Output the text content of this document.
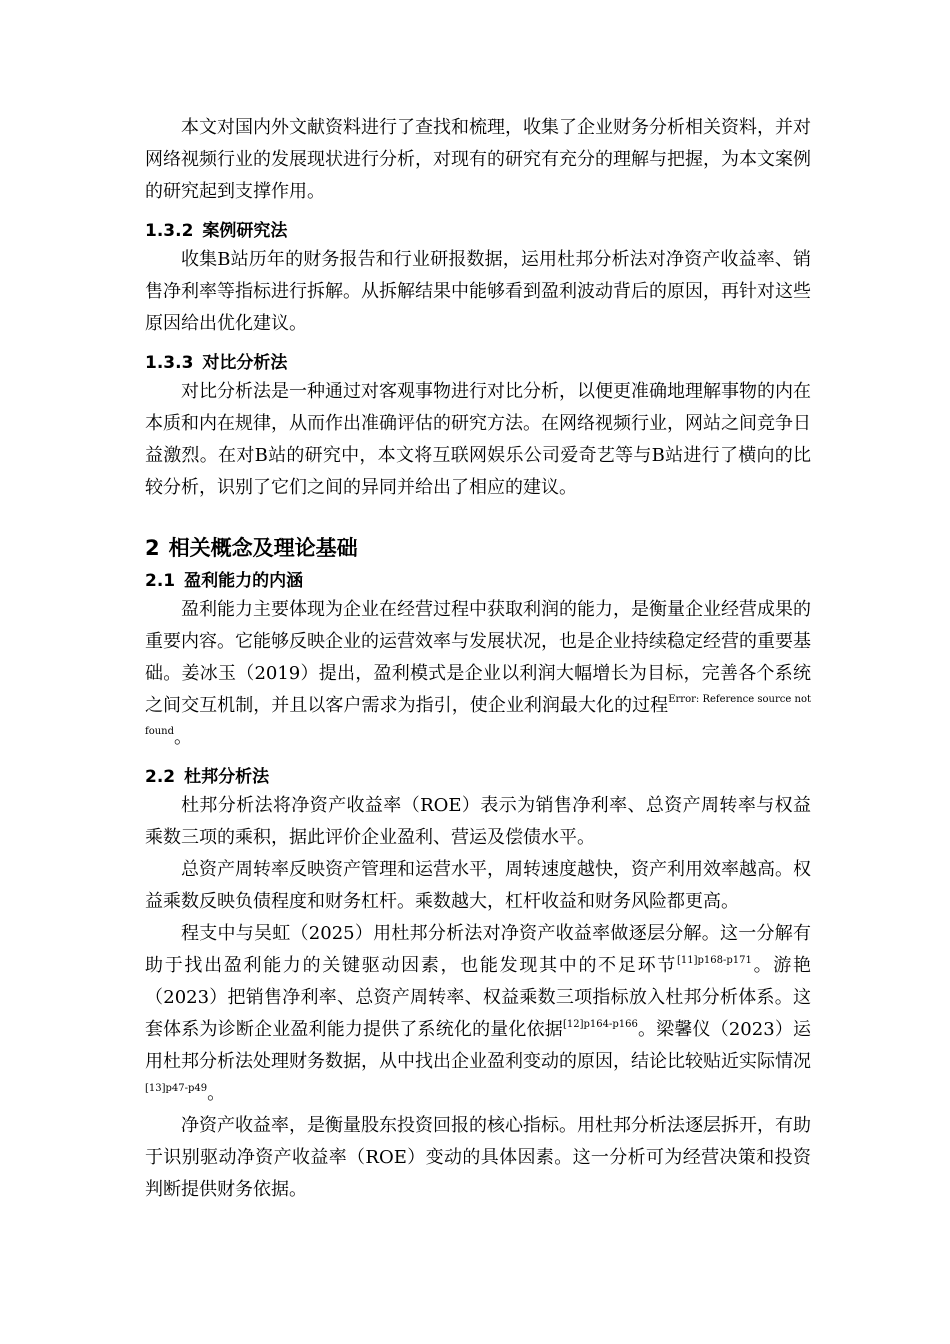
本文对国内外文献资料进行了查找和梳理，收集了企业财务分析相关资料，并对网络视频行业的发展现状进行分析，对现有的研究有充分的理解与把握，为本文案例的研究起到支撑作用。

1.3.2 案例研究法

收集B站历年的财务报告和行业研报数据，运用杜邦分析法对净资产收益率、销售净利率等指标进行拆解。从拆解结果中能够看到盈利波动背后的原因，再针对这些原因给出优化建议。

1.3.3 对比分析法

对比分析法是一种通过对客观事物进行对比分析，以便更准确地理解事物的内在本质和内在规律，从而作出准确评估的研究方法。在网络视频行业，网站之间竞争日益激烈。在对B站的研究中，本文将互联网娱乐公司爱奇艺等与B站进行了横向的比较分析，识别了它们之间的异同并给出了相应的建议。

2 相关概念及理论基础
2.1 盈利能力的内涵

盈利能力主要体现为企业在经营过程中获取利润的能力，是衡量企业经营成果的重要内容。它能够反映企业的运营效率与发展状况，也是企业持续稳定经营的重要基础。姜冰玉（2019）提出，盈利模式是企业以利润大幅增长为目标，完善各个系统之间交互机制，并且以客户需求为指引，使企业利润最大化的过程$^{Error: Reference source not found}$。

2.2 杜邦分析法

杜邦分析法将净资产收益率（ROE）表示为销售净利率、总资产周转率与权益乘数三项的乘积，据此评价企业盈利、营运及偿债水平。

总资产周转率反映资产管理和运营水平，周转速度越快，资产利用效率越高。权益乘数反映负债程度和财务杠杆。乘数越大，杠杆收益和财务风险都更高。

程支中与吴虹（2025）用杜邦分析法对净资产收益率做逐层分解。这一分解有助于找出盈利能力的关键驱动因素，也能发现其中的不足环节$^{[11]p168-p171}$。游艳（2023）把销售净利率、总资产周转率、权益乘数三项指标放入杜邦分析体系。这套体系为诊断企业盈利能力提供了系统化的量化依据$^{[12]p164-p166}$。梁馨仪（2023）运用杜邦分析法处理财务数据，从中找出企业盈利变动的原因，结论比较贴近实际情况$^{[13]p47-p49}$。

净资产收益率，是衡量股东投资回报的核心指标。用杜邦分析法逐层拆开，有助于识别驱动净资产收益率（ROE）变动的具体因素。这一分析可为经营决策和投资判断提供财务依据。
